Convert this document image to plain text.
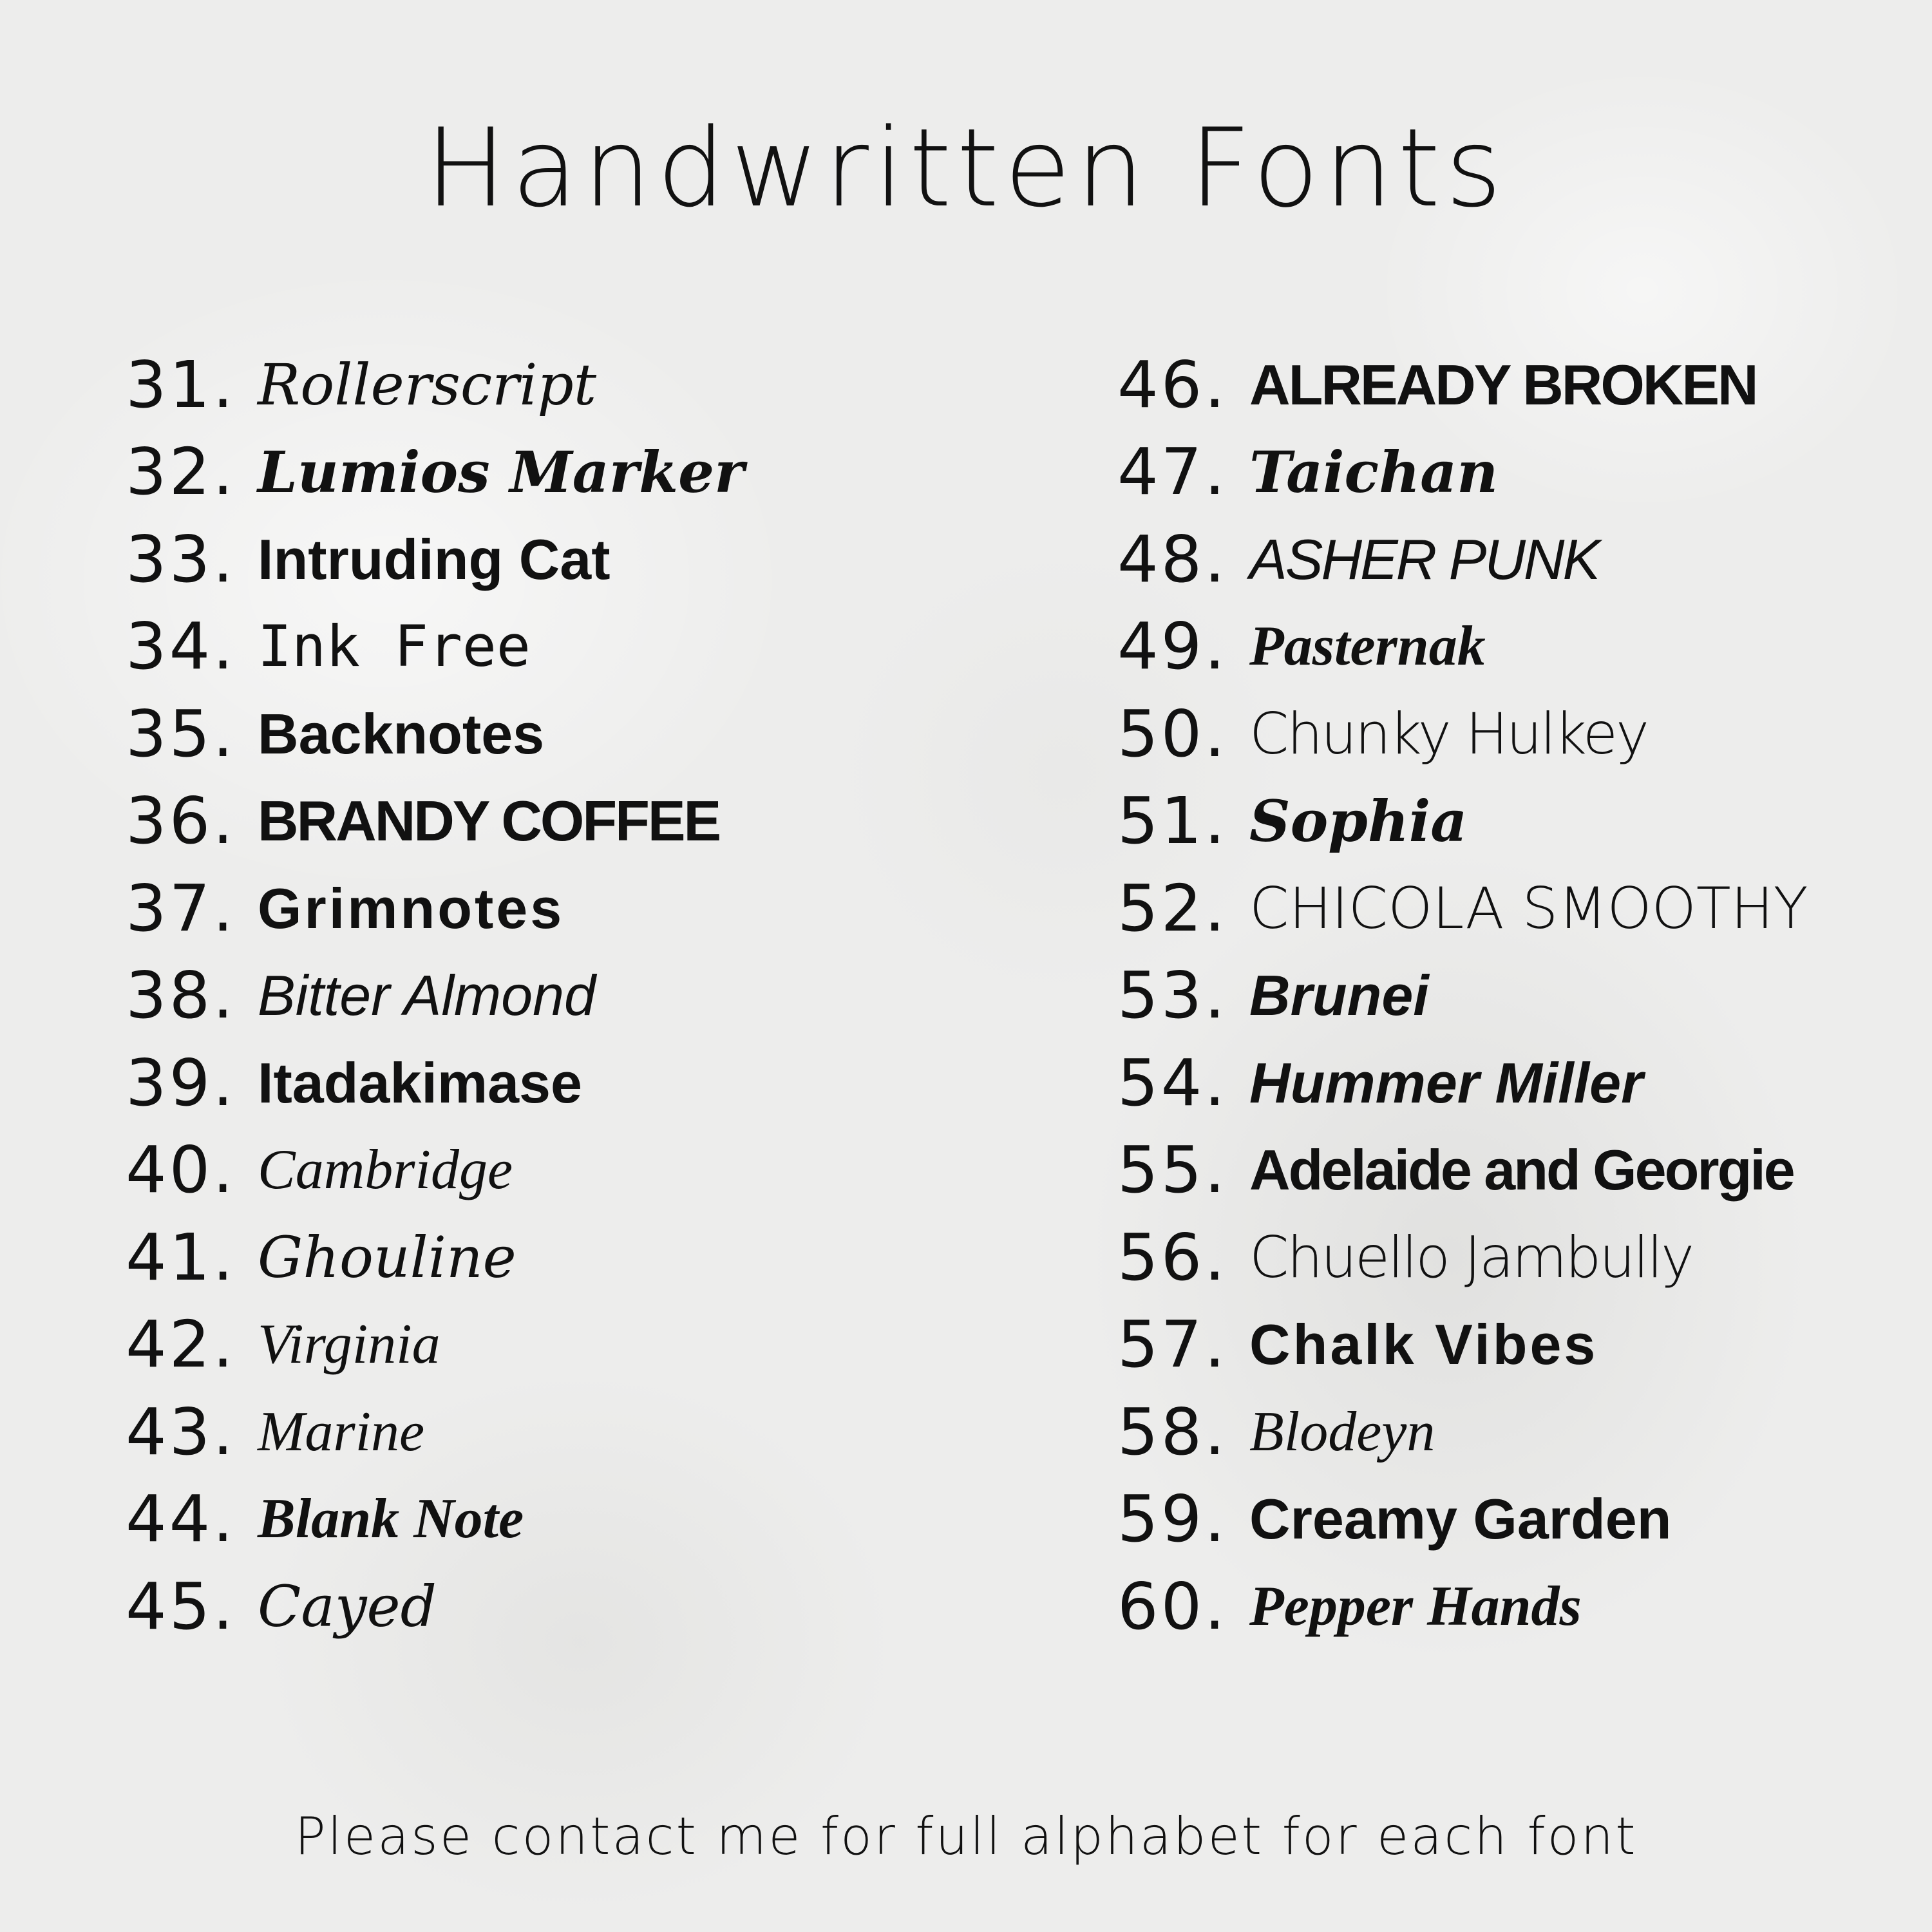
Handwritten Fonts
31. Rollerscript
32. Lumios Marker
33. Intruding Cat
34. Ink Free
35. Backnotes
36. BRANDY COFFEE
37. Grimnotes
38. Bitter Almond
39. Itadakimase
40. Cambridge
41. Ghouline
42. Virginia
43. Marine
44. Blank Note
45. Cayed
46. ALREADY BROKEN
47. Taichan
48. ASHER PUNK
49. Pasternak
50. Chunky Hulkey
51. Sophia
52. CHICOLA SMOOTHY
53. Brunei
54. Hummer Miller
55. Adelaide and Georgie
56. Chuello Jambully
57. Chalk Vibes
58. Blodeyn
59. Creamy Garden
60. Pepper Hands

Please contact me for full alphabet for each font
